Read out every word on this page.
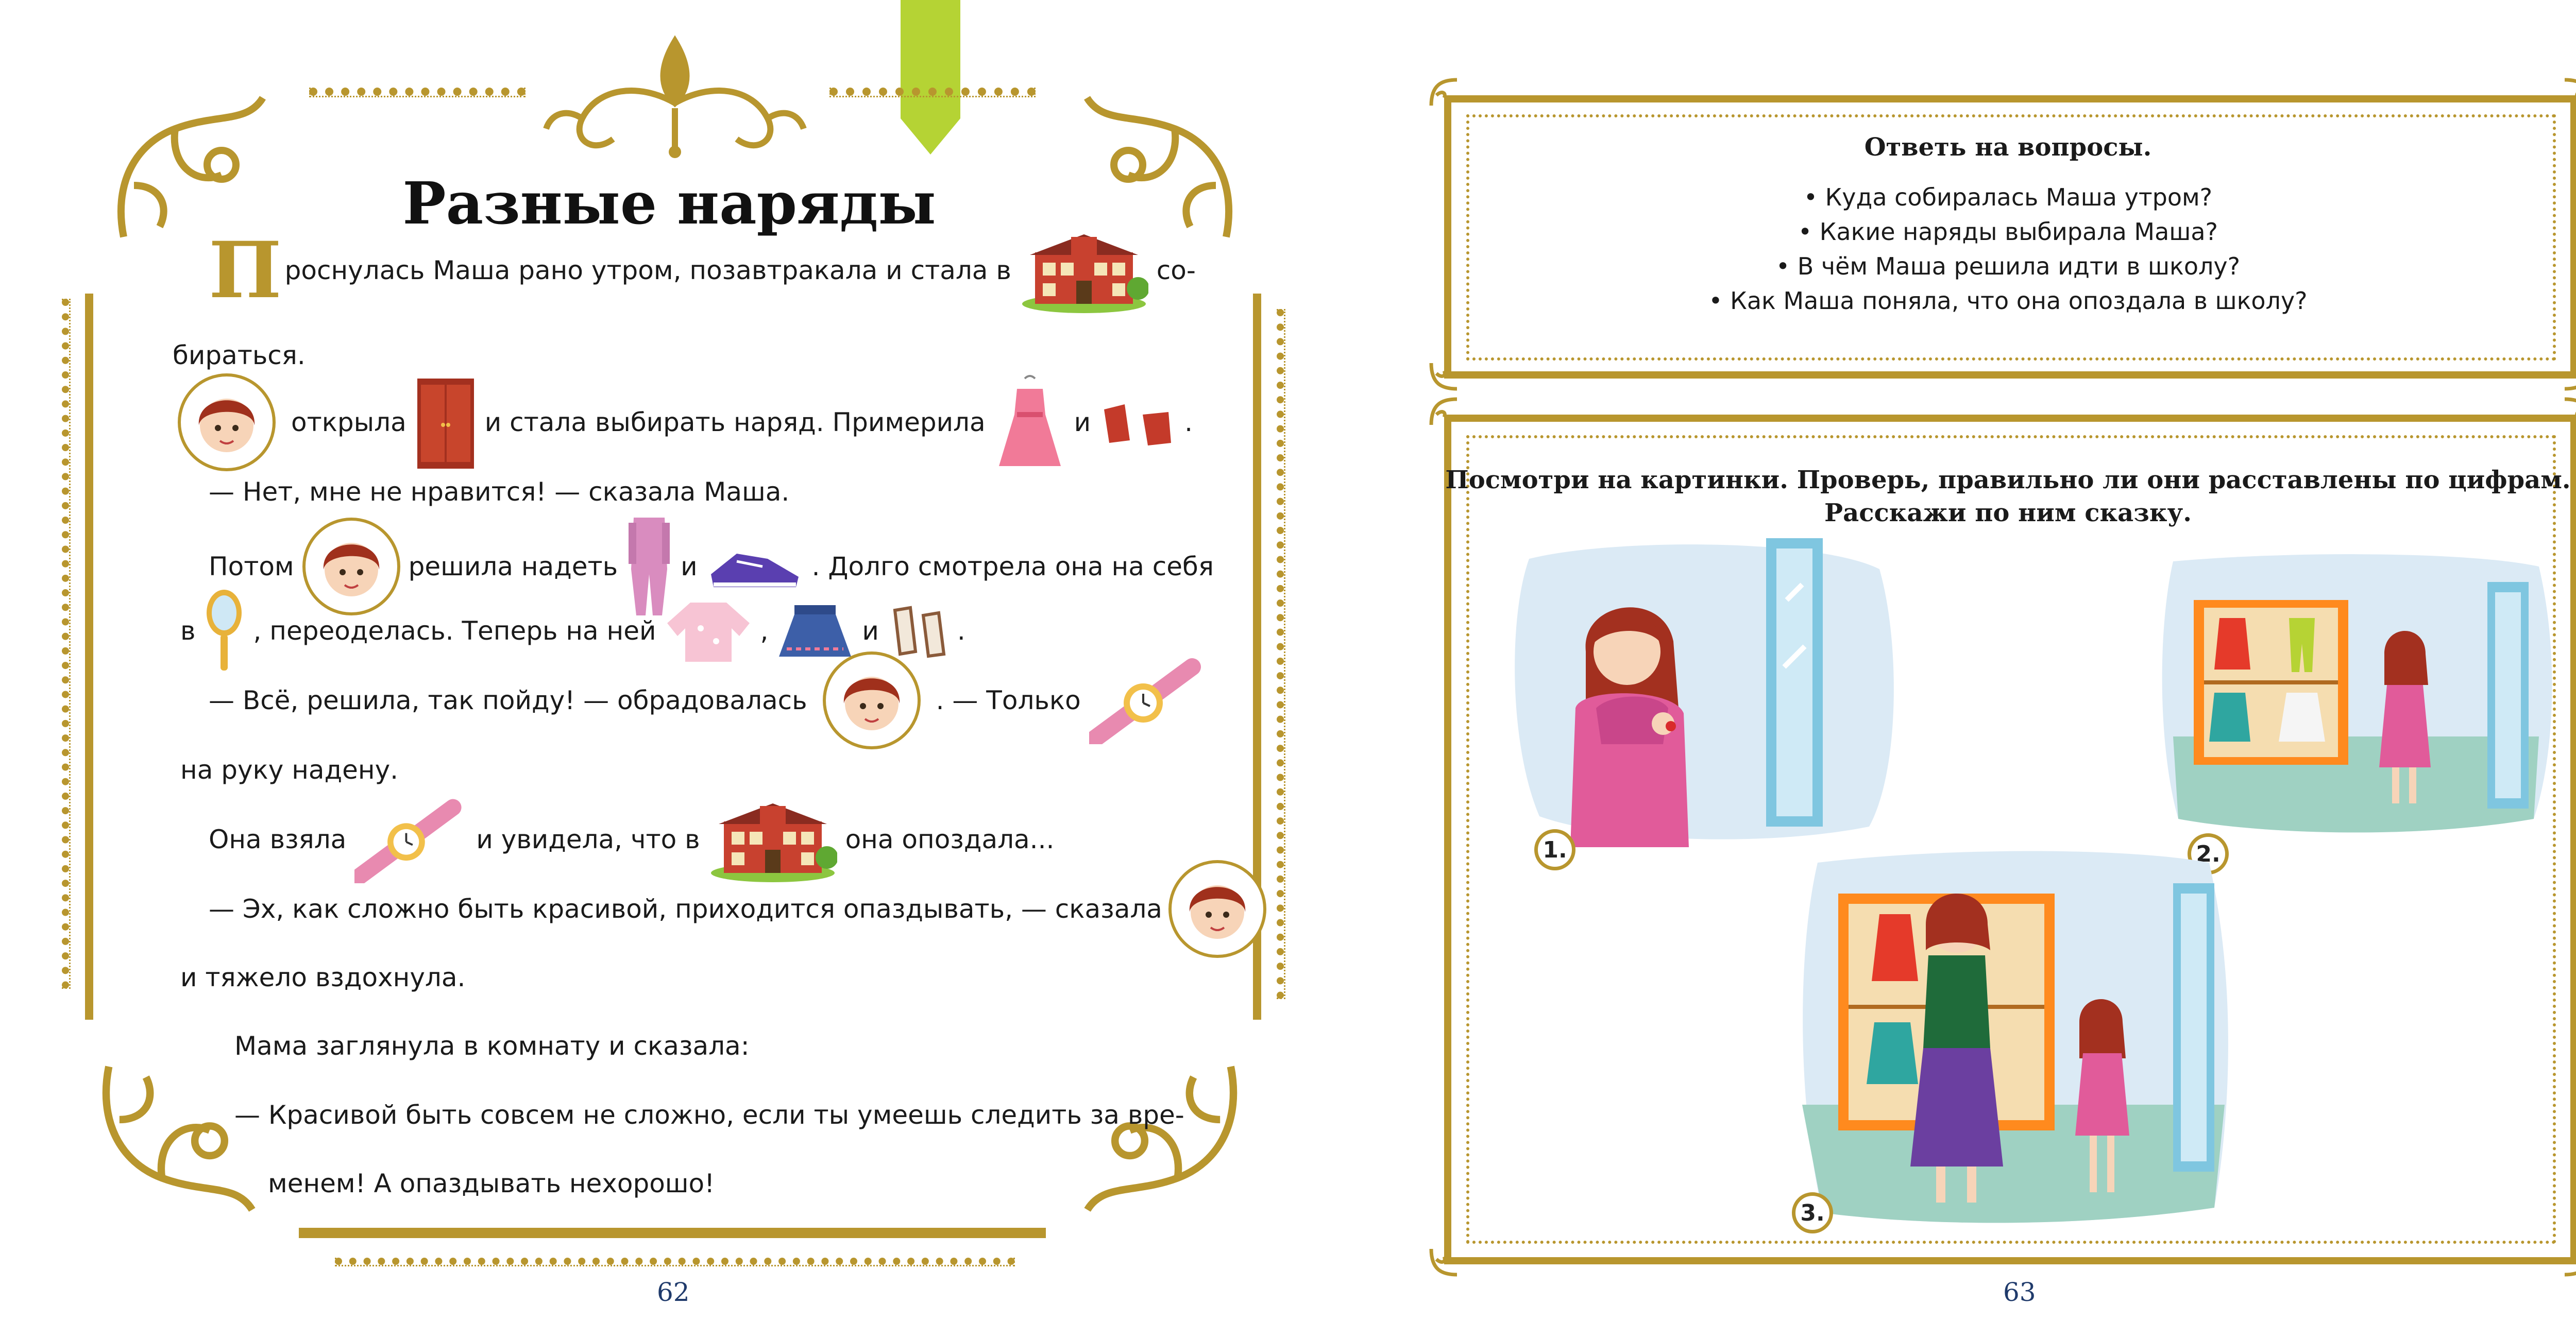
Разные наряды
П роснулась Маша рано утром, позавтракала и стала в	со-
бираться.
открыла	и стала выбирать наряд. Примерила	и	.
— Нет, мне не нравится! — сказала Маша.
Потом	решила надеть и	. Долго смотрела она на себя
в , переоделась. Теперь на ней	,	и	.
— Всё, решила, так пойду! — обрадовалась	. — Только
на руку надену.
Она взяла	и увидела, что в	она опоздала...
— Эх, как сложно быть красивой, приходится опаздывать, — сказала
и тяжело вздохнула.
Мама заглянула в комнату и сказала:
— Красивой быть совсем не сложно, если ты умеешь следить за вре-
менем! А опаздывать нехорошо!
62
Ответь на вопросы.
• Куда собиралась Маша утром?
• Какие наряды выбирала Маша?
• В чём Маша решила идти в школу?
• Как Маша поняла, что она опоздала в школу?
Посмотри на картинки. Проверь, правильно ли они расставлены по цифрам.
Расскажи по ним сказку.
1.	2.
3.
63
